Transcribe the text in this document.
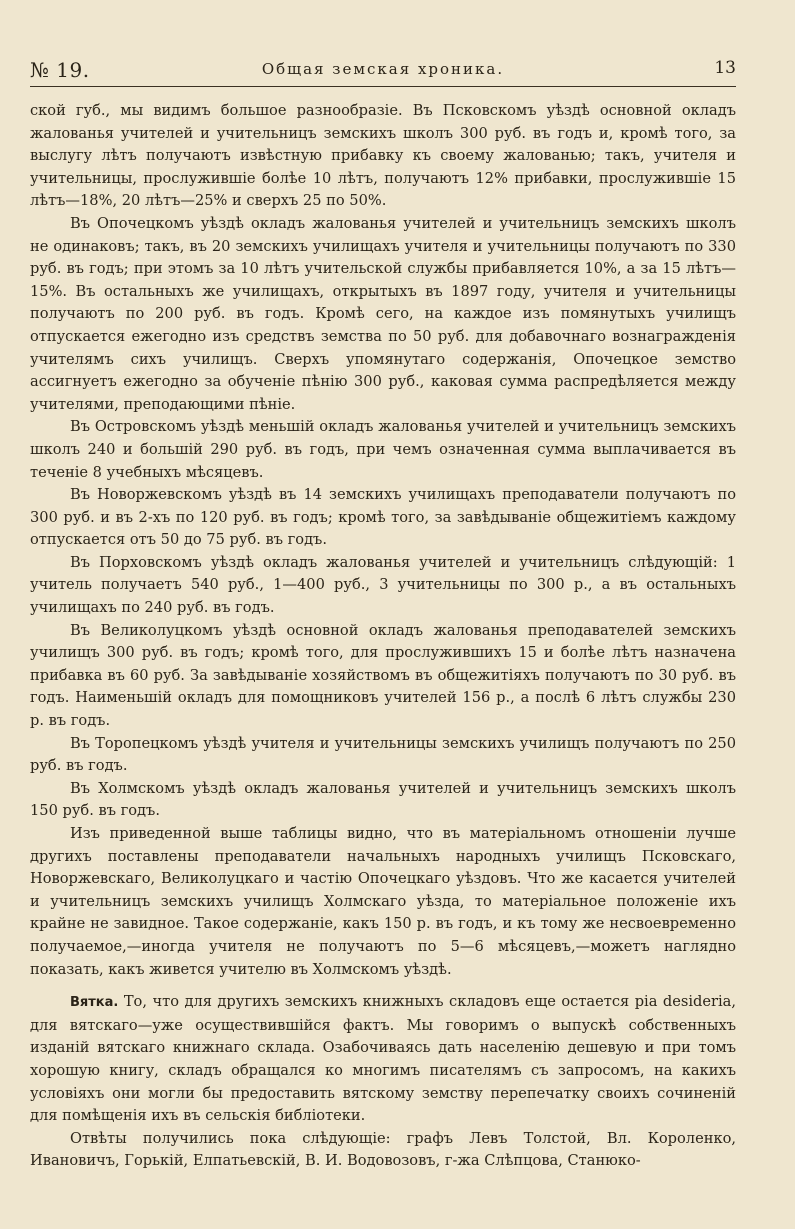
№ 19.	Общая земская хроника.	13

ской губ., мы видимъ большое разнообразіе. Въ Псковскомъ уѣздѣ основной окладъ жалованья учителей и учительницъ земскихъ школъ 300 руб. въ годъ и, кромѣ того, за выслугу лѣтъ получаютъ извѣстную прибавку къ своему жалованью; такъ, учителя и учительницы, прослужившіе болѣе 10 лѣтъ, получаютъ 12% прибавки, прослужившіе 15 лѣтъ—18%, 20 лѣтъ—25% и сверхъ 25 по 50%.

Въ Опочецкомъ уѣздѣ окладъ жалованья учителей и учительницъ земскихъ школъ не одинаковъ; такъ, въ 20 земскихъ училищахъ учителя и учительницы получаютъ по 330 руб. въ годъ; при этомъ за 10 лѣтъ учительской службы прибавляется 10%, а за 15 лѣтъ—15%. Въ остальныхъ же училищахъ, открытыхъ въ 1897 году, учителя и учительницы получаютъ по 200 руб. въ годъ. Кромѣ сего, на каждое изъ помянутыхъ училищъ отпускается ежегодно изъ средствъ земства по 50 руб. для добавочнаго вознагражденія учителямъ сихъ училищъ. Сверхъ упомянутаго содержанія, Опочецкое земство ассигнуетъ ежегодно за обученіе пѣнію 300 руб., каковая сумма распредѣляется между учителями, преподающими пѣніе.

Въ Островскомъ уѣздѣ меньшій окладъ жалованья учителей и учительницъ земскихъ школъ 240 и большій 290 руб. въ годъ, при чемъ означенная сумма выплачивается въ теченіе 8 учебныхъ мѣсяцевъ.

Въ Новоржевскомъ уѣздѣ въ 14 земскихъ училищахъ преподаватели получаютъ по 300 руб. и въ 2-хъ по 120 руб. въ годъ; кромѣ того, за завѣдываніе общежитіемъ каждому отпускается отъ 50 до 75 руб. въ годъ.

Въ Порховскомъ уѣздѣ окладъ жалованья учителей и учительницъ слѣдующій: 1 учитель получаетъ 540 руб., 1—400 руб., 3 учительницы по 300 р., а въ остальныхъ училищахъ по 240 руб. въ годъ.

Въ Великолуцкомъ уѣздѣ основной окладъ жалованья преподавателей земскихъ училищъ 300 руб. въ годъ; кромѣ того, для прослужившихъ 15 и болѣе лѣтъ назначена прибавка въ 60 руб. За завѣдываніе хозяйствомъ въ общежитіяхъ получаютъ по 30 руб. въ годъ. Наименьшій окладъ для помощниковъ учителей 156 р., а послѣ 6 лѣтъ службы 230 р. въ годъ.

Въ Торопецкомъ уѣздѣ учителя и учительницы земскихъ училищъ получаютъ по 250 руб. въ годъ.

Въ Холмскомъ уѣздѣ окладъ жалованья учителей и учительницъ земскихъ школъ 150 руб. въ годъ.

Изъ приведенной выше таблицы видно, что въ матеріальномъ отношеніи лучше другихъ поставлены преподаватели начальныхъ народныхъ училищъ Псковскаго, Новоржевскаго, Великолуцкаго и частію Опочецкаго уѣздовъ. Что же касается учителей и учительницъ земскихъ училищъ Холмскаго уѣзда, то матеріальное положеніе ихъ крайне не завидное. Такое содержаніе, какъ 150 р. въ годъ, и къ тому же несвоевременно получаемое,—иногда учителя не получаютъ по 5—6 мѣсяцевъ,—можетъ наглядно показать, какъ живется учителю въ Холмскомъ уѣздѣ.

Вятка. То, что для другихъ земскихъ книжныхъ складовъ еще остается pia desideria, для вятскаго—уже осуществившійся фактъ. Мы говоримъ о выпускѣ собственныхъ изданій вятскаго книжнаго склада. Озабочиваясь дать населенію дешевую и при томъ хорошую книгу, складъ обращался ко многимъ писателямъ съ запросомъ, на какихъ условіяхъ они могли бы предоставить вятскому земству перепечатку своихъ сочиненій для помѣщенія ихъ въ сельскія библіотеки.

Отвѣты получились пока слѣдующіе: графъ Левъ Толстой, Вл. Короленко, Ивановичъ, Горькій, Елпатьевскій, В. И. Водовозовъ, г-жа Слѣпцова, Станюко-
